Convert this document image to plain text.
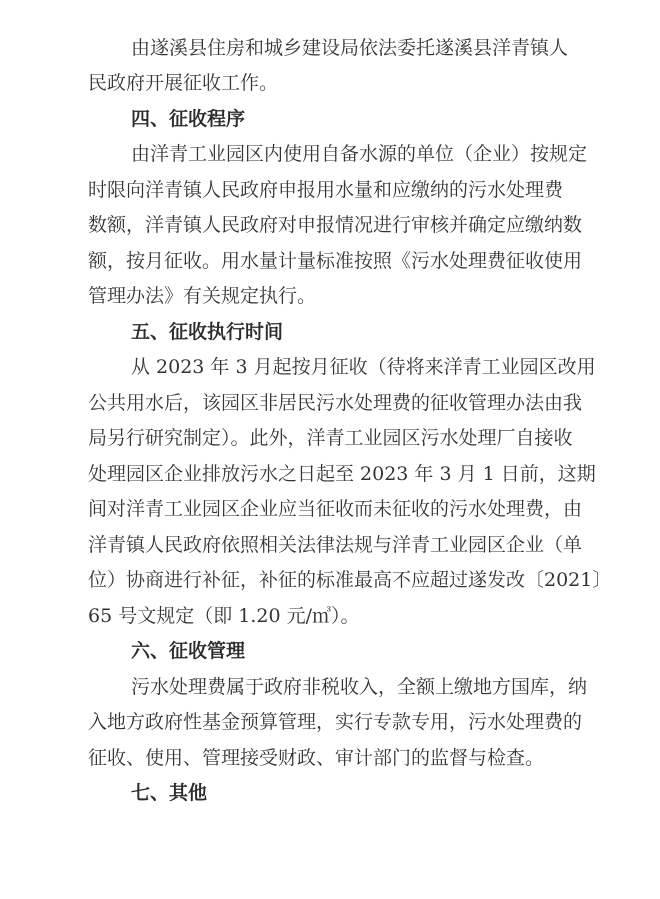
由遂溪县住房和城乡建设局依法委托遂溪县洋青镇人
民政府开展征收工作。
四、征收程序
由洋青工业园区内使用自备水源的单位（企业）按规定
时限向洋青镇人民政府申报用水量和应缴纳的污水处理费
数额，洋青镇人民政府对申报情况进行审核并确定应缴纳数
额，按月征收。用水量计量标准按照《污水处理费征收使用
管理办法》有关规定执行。
五、征收执行时间
从 2023 年 3 月起按月征收（待将来洋青工业园区改用
公共用水后，该园区非居民污水处理费的征收管理办法由我
局另行研究制定）。此外，洋青工业园区污水处理厂自接收
处理园区企业排放污水之日起至 2023 年 3 月 1 日前，这期
间对洋青工业园区企业应当征收而未征收的污水处理费，由
洋青镇人民政府依照相关法律法规与洋青工业园区企业（单
位）协商进行补征，补征的标准最高不应超过遂发改〔2021〕
65 号文规定（即 1.20 元/㎥）。
六、征收管理
污水处理费属于政府非税收入，全额上缴地方国库，纳
入地方政府性基金预算管理，实行专款专用，污水处理费的
征收、使用、管理接受财政、审计部门的监督与检查。
七、其他
